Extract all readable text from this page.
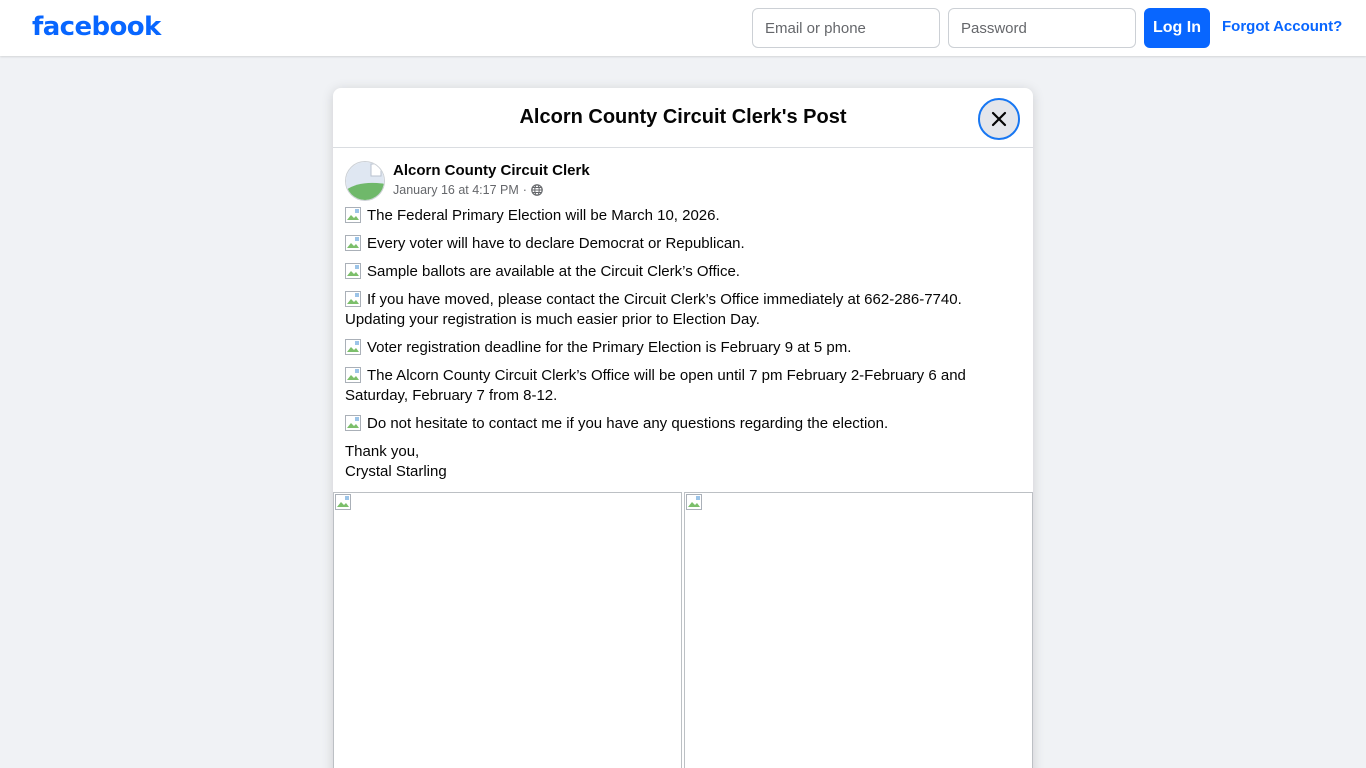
facebook
Email or phone	Log In	Forgot Account?
Alcorn County Circuit Clerk's Post
Alcorn County Circuit Clerk
January 16 at 4:17 PM ·
The Federal Primary Election will be March 10, 2026.
Every voter will have to declare Democrat or Republican.
Sample ballots are available at the Circuit Clerk’s Office.
If you have moved, please contact the Circuit Clerk’s Office immediately at 662-286-7740. Updating your registration is much easier prior to Election Day.
Voter registration deadline for the Primary Election is February 9 at 5 pm.
The Alcorn County Circuit Clerk’s Office will be open until 7 pm February 2-February 6 and Saturday, February 7 from 8-12.
Do not hesitate to contact me if you have any questions regarding the election.
Thank you,
Crystal Starling
